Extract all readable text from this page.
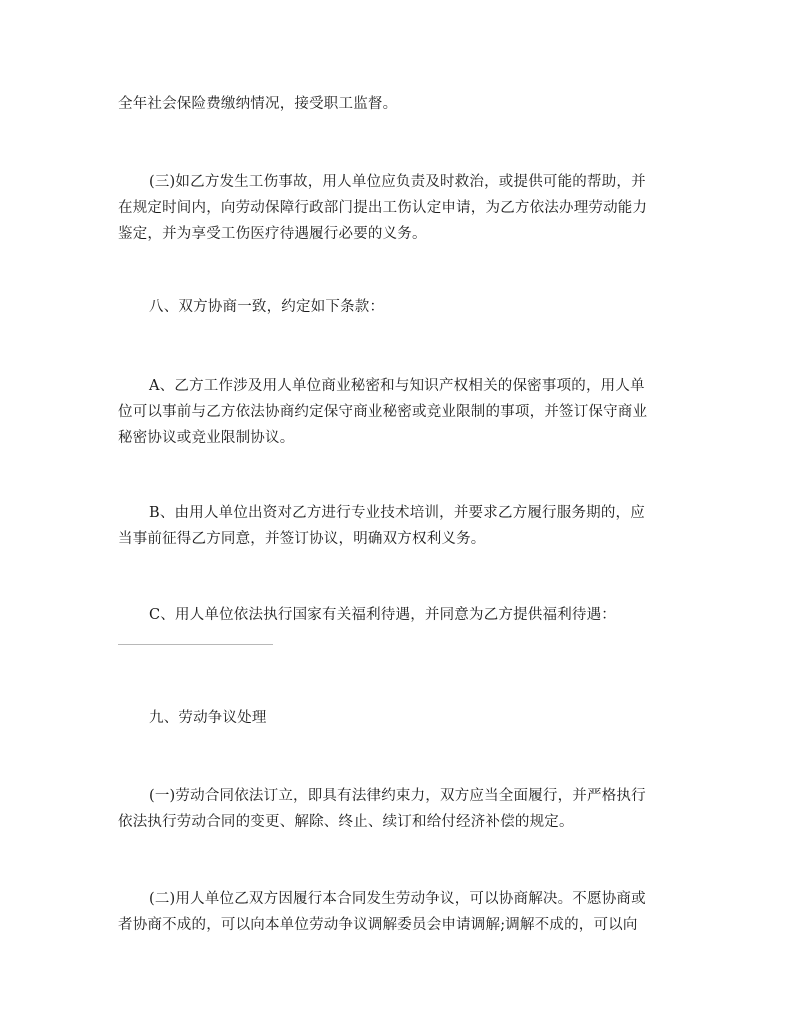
全年社会保险费缴纳情况，接受职工监督。

(三)如乙方发生工伤事故，用人单位应负责及时救治，或提供可能的帮助，并
在规定时间内，向劳动保障行政部门提出工伤认定申请，为乙方依法办理劳动能力
鉴定，并为享受工伤医疗待遇履行必要的义务。

八、双方协商一致，约定如下条款：

A、乙方工作涉及用人单位商业秘密和与知识产权相关的保密事项的，用人单
位可以事前与乙方依法协商约定保守商业秘密或竞业限制的事项，并签订保守商业
秘密协议或竞业限制协议。

B、由用人单位出资对乙方进行专业技术培训，并要求乙方履行服务期的，应
当事前征得乙方同意，并签订协议，明确双方权利义务。

C、用人单位依法执行国家有关福利待遇，并同意为乙方提供福利待遇：

九、劳动争议处理

(一)劳动合同依法订立，即具有法律约束力，双方应当全面履行，并严格执行
依法执行劳动合同的变更、解除、终止、续订和给付经济补偿的规定。

(二)用人单位乙双方因履行本合同发生劳动争议，可以协商解决。不愿协商或
者协商不成的，可以向本单位劳动争议调解委员会申请调解;调解不成的，可以向
